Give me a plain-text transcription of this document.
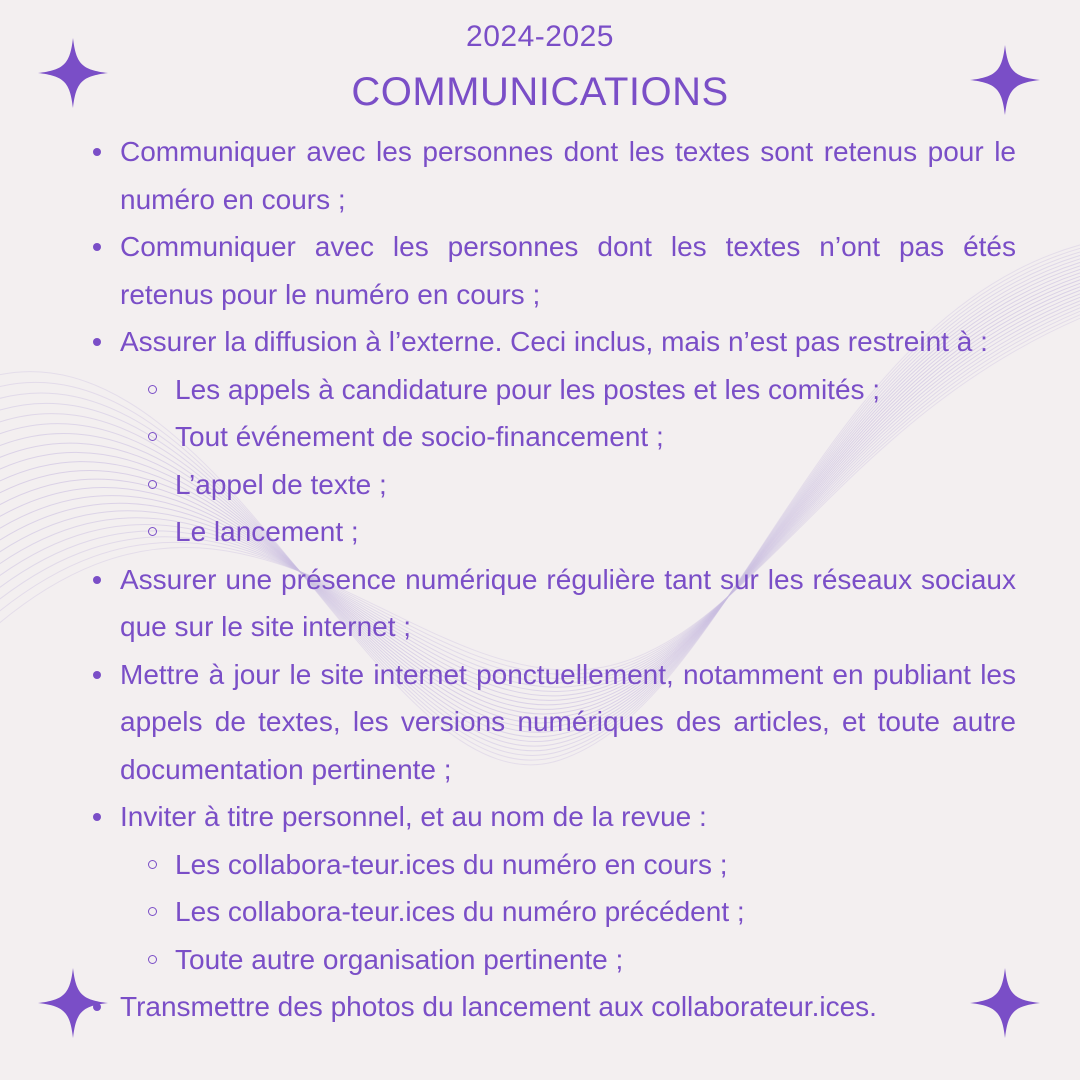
2024-2025
COMMUNICATIONS
Communiquer avec les personnes dont les textes sont retenus pour le numéro en cours ;
Communiquer avec les personnes dont les textes n’ont pas étés retenus pour le numéro en cours ;
Assurer la diffusion à l’externe. Ceci inclus, mais n’est pas restreint à :
Les appels à candidature pour les postes et les comités ;
Tout événement de socio-financement ;
L’appel de texte ;
Le lancement ;
Assurer une présence numérique régulière tant sur les réseaux sociaux que sur le site internet ;
Mettre à jour le site internet ponctuellement, notamment en publiant les appels de textes, les versions numériques des articles, et toute autre documentation pertinente ;
Inviter à titre personnel, et au nom de la revue :
Les collabora-teur.ices du numéro en cours ;
Les collabora-teur.ices du numéro précédent ;
Toute autre organisation pertinente ;
Transmettre des photos du lancement aux collaborateur.ices.
